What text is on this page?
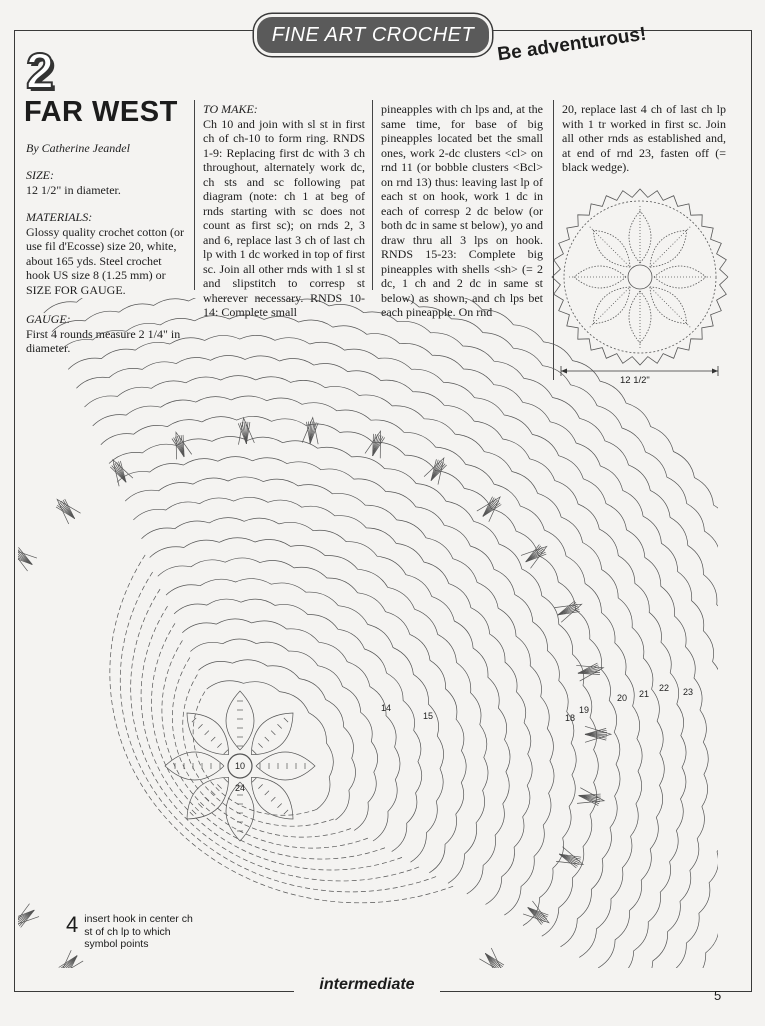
FINE ART CROCHET	Be adventurous!
2
FAR WEST
By Catherine Jeandel
SIZE:
12 1/2" in diameter.
MATERIALS:
Glossy quality crochet cotton (or use fil d'Ecosse) size 20, white, about 165 yds. Steel crochet hook US size 8 (1.25 mm) or SIZE FOR GAUGE.
GAUGE:
First 4 rounds measure 2 1/4" in diameter.
TO MAKE:
Ch 10 and join with sl st in first ch of ch-10 to form ring. RNDS 1-9: Replacing first dc with 3 ch throughout, alternately work dc, ch sts and sc following pat diagram (note: ch 1 at beg of rnds starting with sc does not count as first sc); on rnds 2, 3 and 6, replace last 3 ch of last ch lp with 1 dc worked in top of first sc. Join all other rnds with 1 sl st and slipstitch to corresp st wherever necessary. RNDS 10-14: Complete small
pineapples with ch lps and, at the same time, for base of big pineapples located bet the small ones, work 2-dc clusters <cl> on rnd 11 (or bobble clusters <Bcl> on rnd 13) thus: leaving last lp of each st on hook, work 1 dc in each of corresp 2 dc below (or both dc in same st below), yo and draw thru all 3 lps on hook. RNDS 15-23: Complete big pineapples with shells <sh> (= 2 dc, 1 ch and 2 dc in same st below) as shown, and ch lps bet each pineapple. On rnd
20, replace last 4 ch of last ch lp with 1 tr worked in first sc. Join all other rnds as established and, at end of rnd 23, fasten off (= black wedge).
12 1/2"
10
14
15	18
19
20 21
22 23
24
4 insert hook in center ch st of ch lp to which symbol points
intermediate
5
